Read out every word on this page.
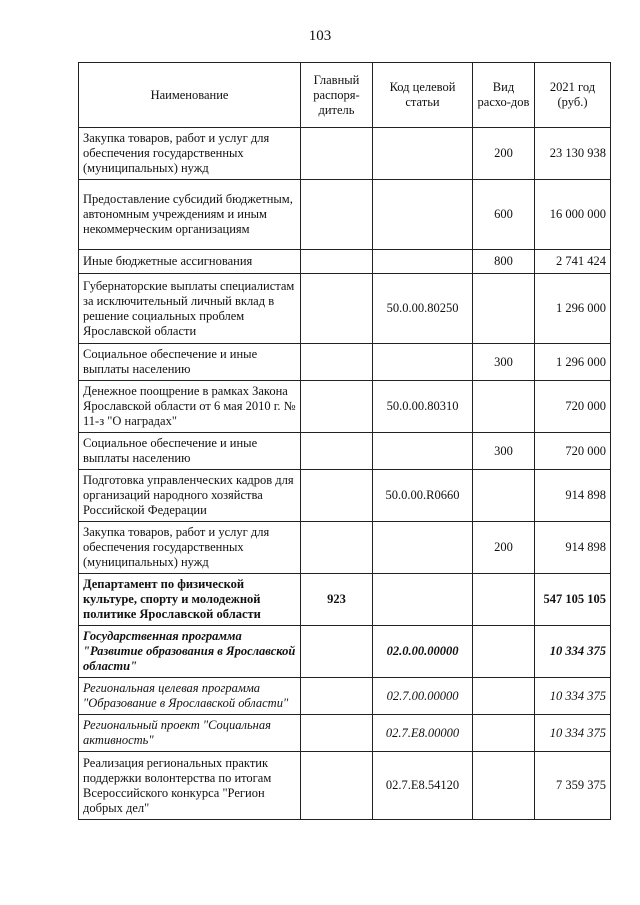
103
Наименование	Главный распоря-дитель	Код целевой статьи	Вид расхо-дов	2021 год (руб.)
Закупка товаров, работ и услуг для обеспечения государственных (муниципальных) нужд			200	23 130 938
Предоставление субсидий бюджетным, автономным учреждениям и иным некоммерческим организациям			600	16 000 000
Иные бюджетные ассигнования			800	2 741 424
Губернаторские выплаты специалистам за исключительный личный вклад в решение социальных проблем Ярославской области		50.0.00.80250		1 296 000
Социальное обеспечение и иные выплаты населению			300	1 296 000
Денежное поощрение в рамках Закона Ярославской области от 6 мая 2010 г. № 11-з "О наградах"		50.0.00.80310		720 000
Социальное обеспечение и иные выплаты населению			300	720 000
Подготовка управленческих кадров для организаций народного хозяйства Российской Федерации		50.0.00.R0660		914 898
Закупка товаров, работ и услуг для обеспечения государственных (муниципальных) нужд			200	914 898
Департамент по физической культуре, спорту и молодежной политике Ярославской области	923			547 105 105
Государственная программа "Развитие образования в Ярославской области"		02.0.00.00000		10 334 375
Региональная целевая программа "Образование в Ярославской области"		02.7.00.00000		10 334 375
Региональный проект "Социальная активность"		02.7.E8.00000		10 334 375
Реализация региональных практик поддержки волонтерства по итогам Всероссийского конкурса "Регион добрых дел"		02.7.E8.54120		7 359 375
